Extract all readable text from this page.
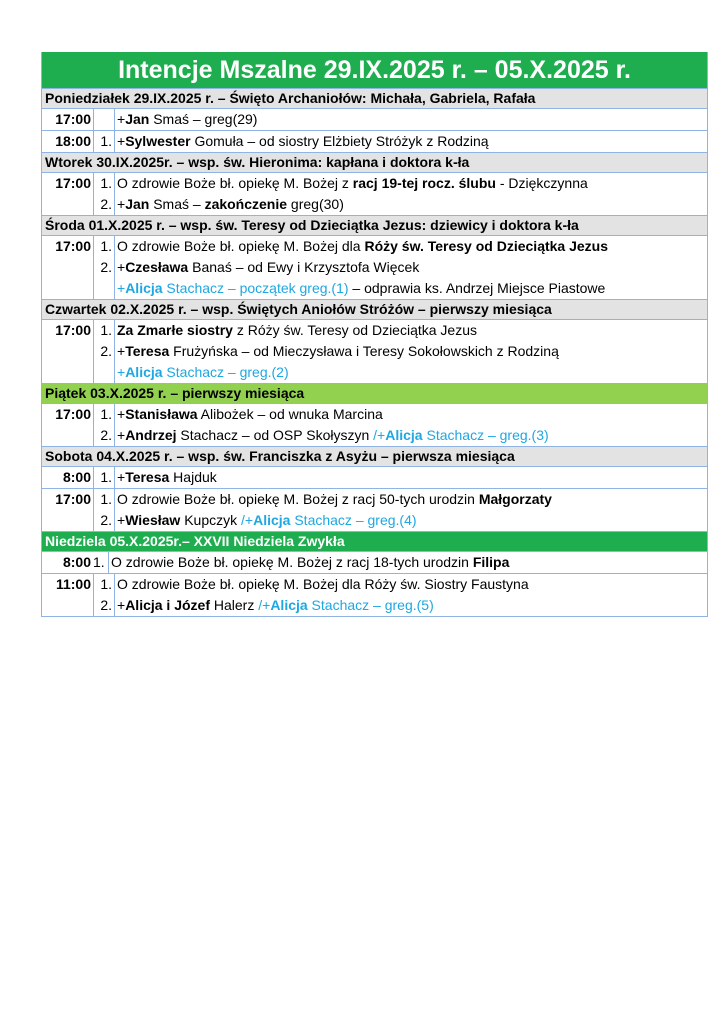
Intencje Mszalne 29.IX.2025 r. – 05.X.2025 r.
Poniedziałek 29.IX.2025 r. – Święto Archaniołów: Michała, Gabriela, Rafała
17:00 +Jan Smaś – greg(29)
18:00 1. +Sylwester Gomuła – od siostry Elżbiety Stróżyk z Rodziną
Wtorek 30.IX.2025r. – wsp. św. Hieronima: kapłana i doktora k-ła
17:00 1.
2.
O zdrowie Boże bł. opiekę M. Bożej z racj 19-tej rocz. ślubu - Dziękczynna
+Jan Smaś – zakończenie greg(30)
Środa 01.X.2025 r. – wsp. św. Teresy od Dzieciątka Jezus: dziewicy i doktora k-ła
17:00 1.
2.
O zdrowie Boże bł. opiekę M. Bożej dla Róży św. Teresy od Dzieciątka Jezus
+Czesława Banaś – od Ewy i Krzysztofa Więcek
+Alicja Stachacz – początek greg.(1) – odprawia ks. Andrzej Miejsce Piastowe
Czwartek 02.X.2025 r. – wsp. Świętych Aniołów Stróżów – pierwszy miesiąca
17:00 1.
2.
Za Zmarłe siostry z Róży św. Teresy od Dzieciątka Jezus
+Teresa Frużyńska – od Mieczysława i Teresy Sokołowskich z Rodziną
+Alicja Stachacz – greg.(2)
Piątek 03.X.2025 r. – pierwszy miesiąca
17:00 1.
2.
+Stanisława Alibożek – od wnuka Marcina
+Andrzej Stachacz – od OSP Skołyszyn /+Alicja Stachacz – greg.(3)
Sobota 04.X.2025 r. – wsp. św. Franciszka z Asyżu – pierwsza miesiąca
8:00 1. +Teresa Hajduk
17:00 1.
2.
O zdrowie Boże bł. opiekę M. Bożej z racj 50-tych urodzin Małgorzaty
+Wiesław Kupczyk /+Alicja Stachacz – greg.(4)
Niedziela 05.X.2025r.– XXVII Niedziela Zwykła
8:00 1. O zdrowie Boże bł. opiekę M. Bożej z racj 18-tych urodzin Filipa
11:00 1.
2.
O zdrowie Boże bł. opiekę M. Bożej dla Róży św. Siostry Faustyna
+Alicja i Józef Halerz /+Alicja Stachacz – greg.(5)
